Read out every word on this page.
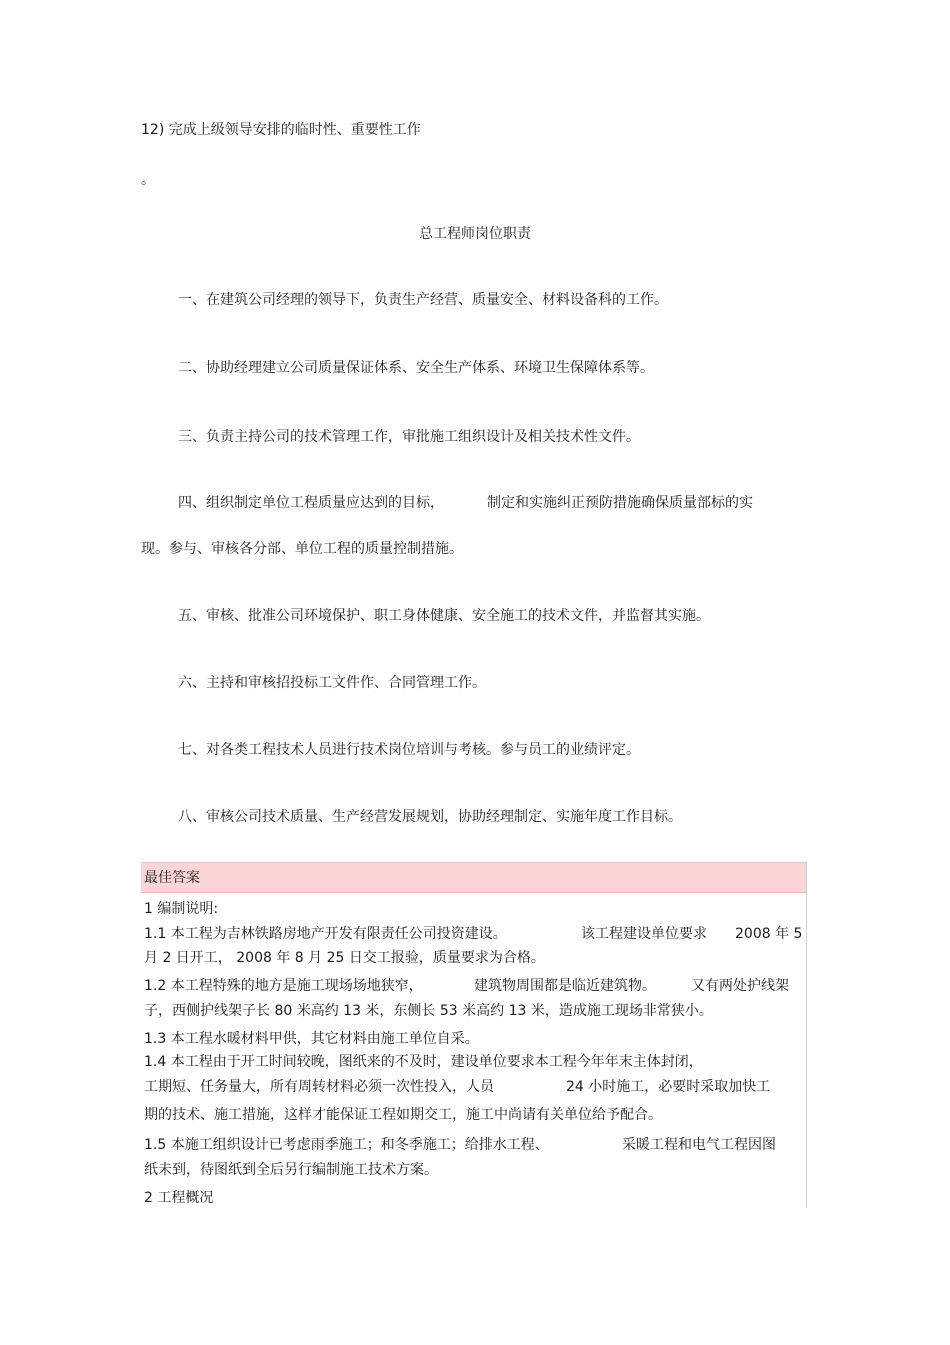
12) 完成上级领导安排的临时性、重要性工作
。
总工程师岗位职责
一、在建筑公司经理的领导下，负责生产经营、质量安全、材料设备科的工作。
二、协助经理建立公司质量保证体系、安全生产体系、环境卫生保障体系等。
三、负责主持公司的技术管理工作，审批施工组织设计及相关技术性文件。
四、组织制定单位工程质量应达到的目标，	制定和实施纠正预防措施确保质量部标的实
现。参与、审核各分部、单位工程的质量控制措施。
五、审核、批准公司环境保护、职工身体健康、安全施工的技术文件，并监督其实施。
六、主持和审核招投标工文件作、合同管理工作。
七、对各类工程技术人员进行技术岗位培训与考核。参与员工的业绩评定。
八、审核公司技术质量、生产经营发展规划，协助经理制定、实施年度工作目标。
最佳答案
1 编制说明:
1.1 本工程为吉林铁路房地产开发有限责任公司投资建设。	该工程建设单位要求 2008 年 5
月 2 日开工， 2008 年 8 月 25 日交工报验，质量要求为合格。
1.2 本工程特殊的地方是施工现场场地狭窄，	建筑物周围都是临近建筑物。	又有两处护线架
子，西侧护线架子长 80 米高约 13 米，东侧长 53 米高约 13 米，造成施工现场非常狭小。
1.3 本工程水暖材料甲供，其它材料由施工单位自采。
1.4 本工程由于开工时间较晚，图纸来的不及时，建设单位要求本工程今年年末主体封闭，
工期短、任务量大，所有周转材料必须一次性投入，人员	24 小时施工，必要时采取加快工
期的技术、施工措施，这样才能保证工程如期交工，施工中尚请有关单位给予配合。
1.5 本施工组织设计已考虑雨季施工；和冬季施工；给排水工程、	采暖工程和电气工程因图
纸未到，待图纸到全后另行编制施工技术方案。
2 工程概况
